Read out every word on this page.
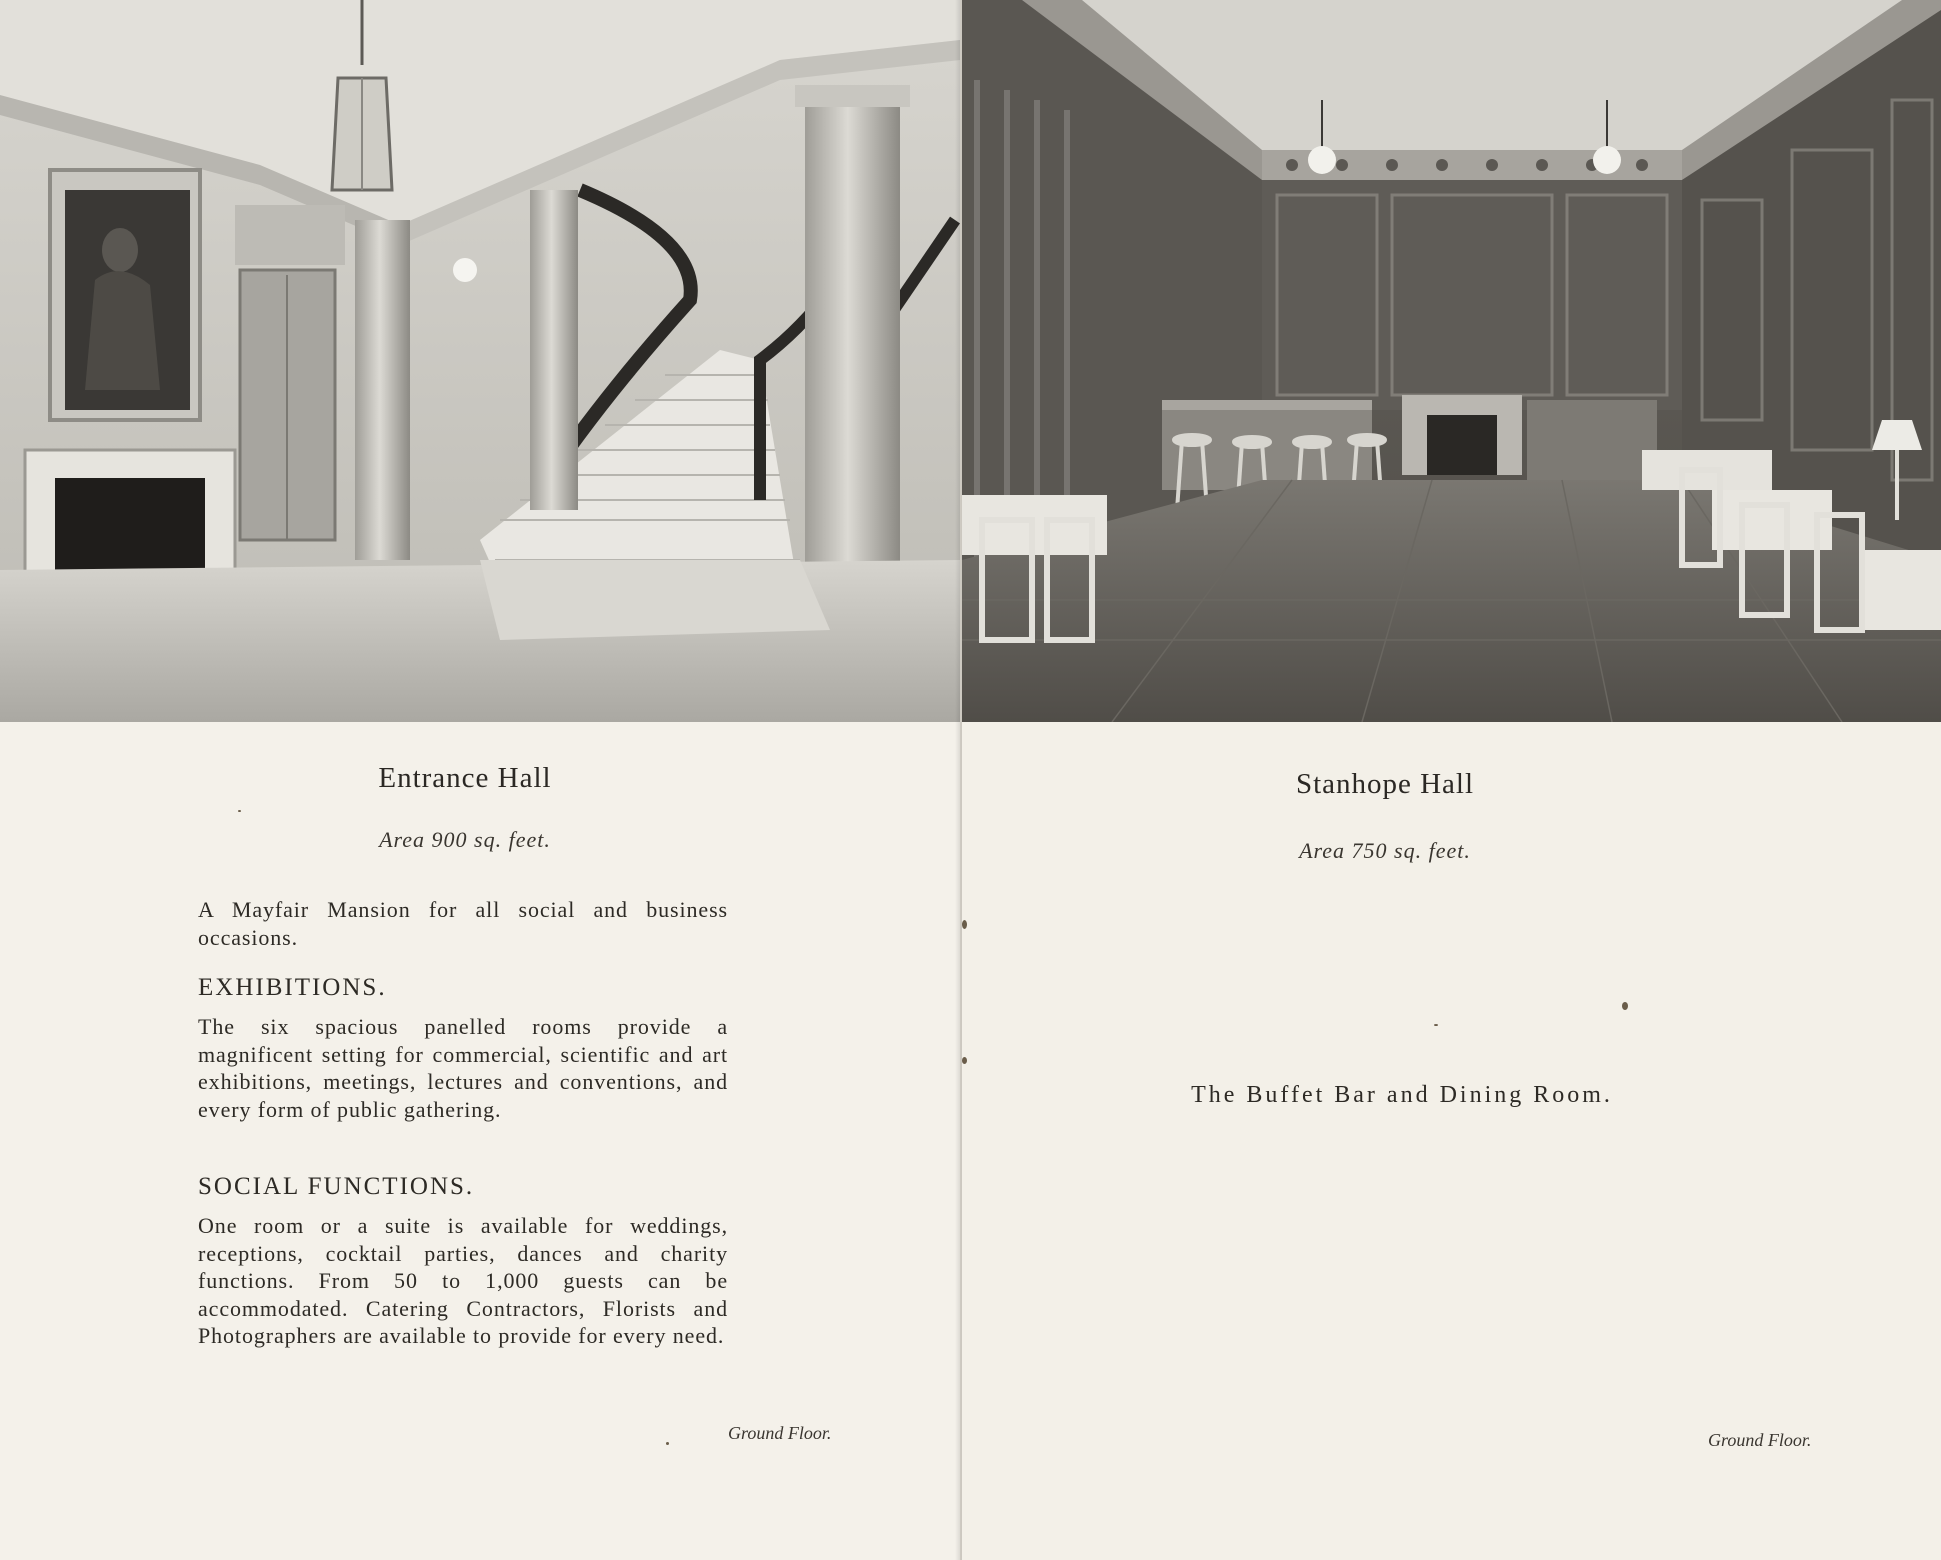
Entrance Hall
Area 900 sq. feet.
A Mayfair Mansion for all social and business occasions.
EXHIBITIONS.
The six spacious panelled rooms provide a magnificent setting for commercial, scientific and art exhibitions, meetings, lectures and conventions, and every form of public gathering.
SOCIAL FUNCTIONS.
One room or a suite is available for weddings, receptions, cocktail parties, dances and charity functions. From 50 to 1,000 guests can be accommodated. Catering Contractors, Florists and Photographers are available to provide for every need.
Ground Floor.
Stanhope Hall
Area 750 sq. feet.
The Buffet Bar and Dining Room.
Ground Floor.
